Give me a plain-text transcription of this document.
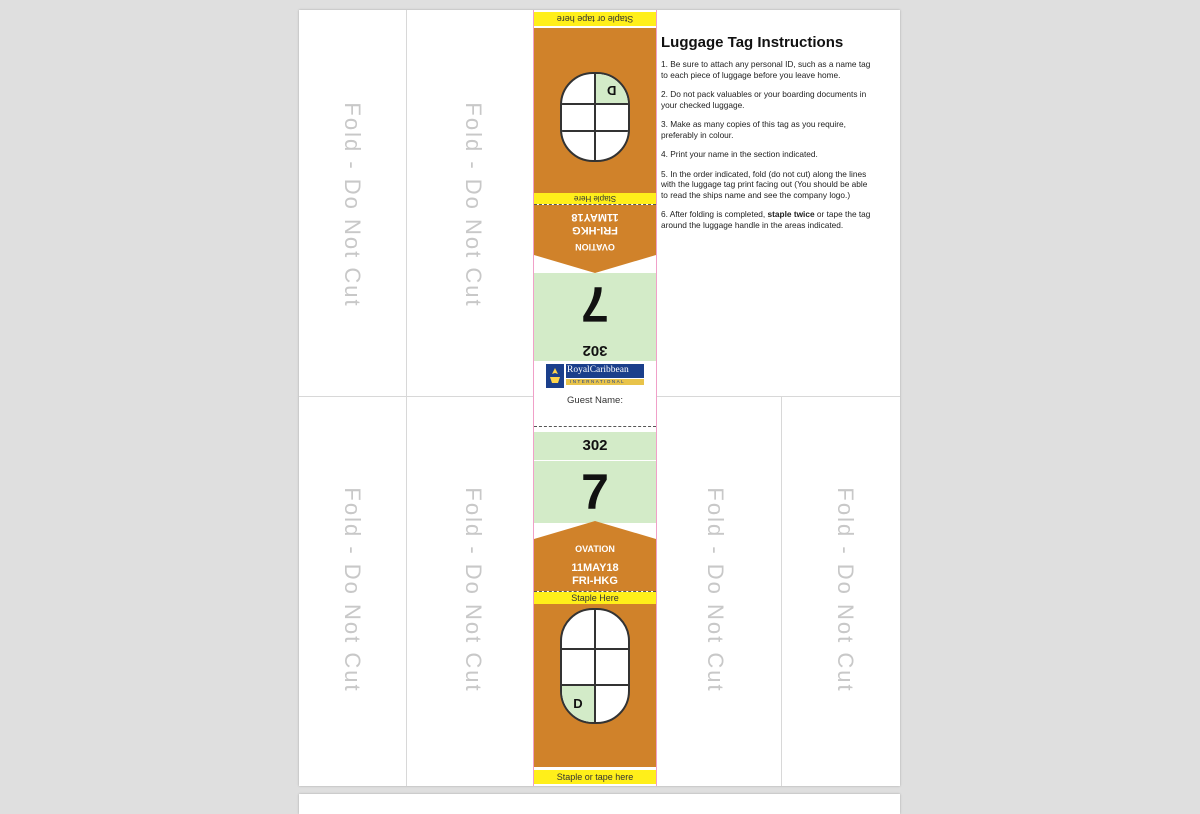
Fold - Do Not Cut	Fold - Do Not Cut
Fold - Do Not Cut	Fold - Do Not Cut	Fold - Do Not Cut	Fold - Do Not Cut
Staple or tape here
D
Staple Here
FRI-HKG
11MAY18
OVATION
7
302
RoyalCaribbean
INTERNATIONAL
Guest Name:
302
7
OVATION
11MAY18
FRI-HKG
Staple Here
D
Staple or tape here
Luggage Tag Instructions

1. Be sure to attach any personal ID, such as a name tag to each piece of luggage before you leave home.

2. Do not pack valuables or your boarding documents in your checked luggage.

3. Make as many copies of this tag as you require, preferably in colour.

4. Print your name in the section indicated.

5. In the order indicated, fold (do not cut) along the lines with the luggage tag print facing out (You should be able to read the ships name and see the company logo.)

6. After folding is completed, staple twice or tape the tag around the luggage handle in the areas indicated.
